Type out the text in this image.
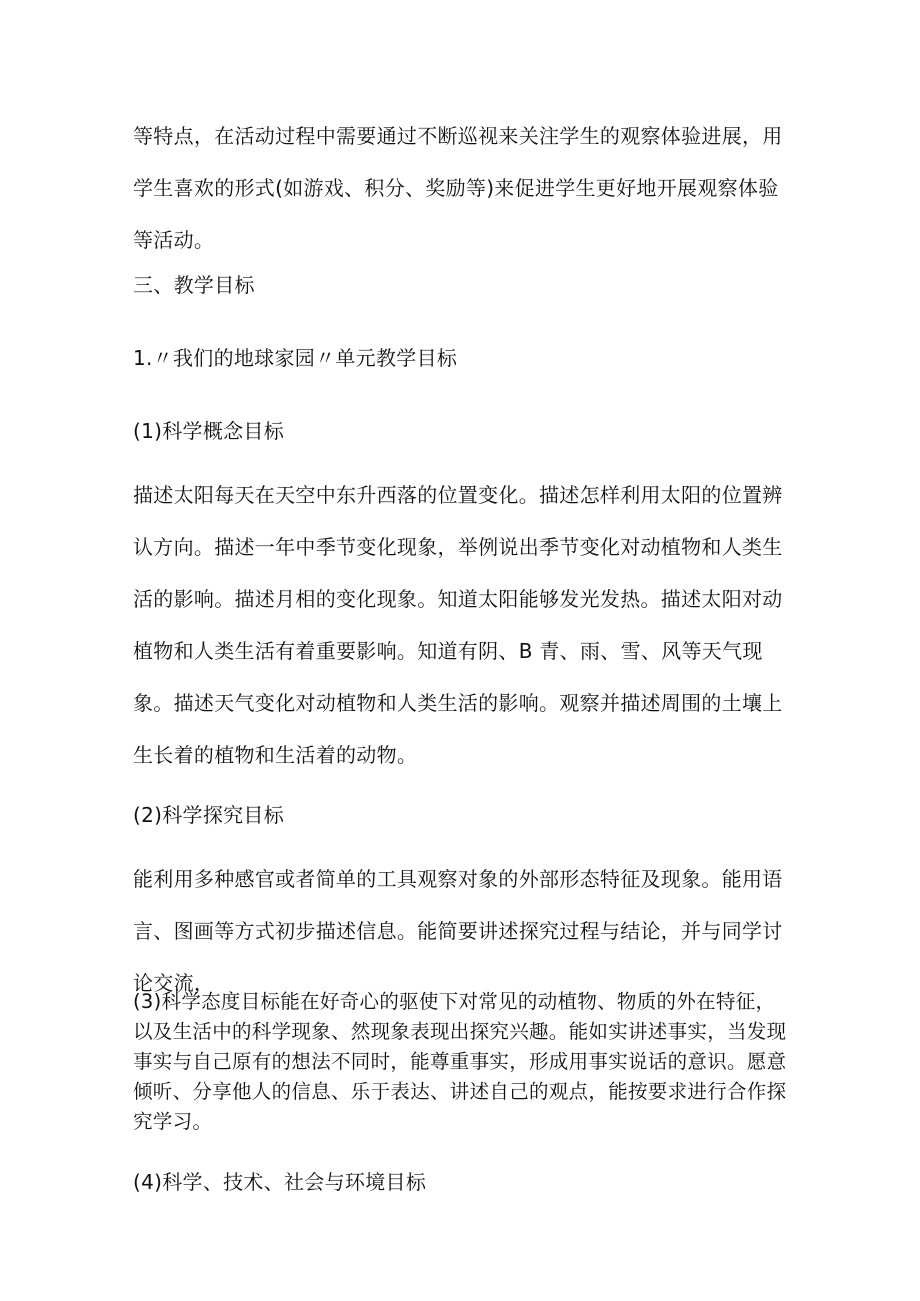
等特点，在活动过程中需要通过不断巡视来关注学生的观察体验进展，用学生喜欢的形式(如游戏、积分、奖励等)来促进学生更好地开展观察体验等活动。

三、教学目标

1.〃我们的地球家园〃单元教学目标

(1)科学概念目标

描述太阳每天在天空中东升西落的位置变化。描述怎样利用太阳的位置辨认方向。描述一年中季节变化现象，举例说出季节变化对动植物和人类生活的影响。描述月相的变化现象。知道太阳能够发光发热。描述太阳对动植物和人类生活有着重要影响。知道有阴、B 青、雨、雪、风等天气现象。描述天气变化对动植物和人类生活的影响。观察并描述周围的土壤上生长着的植物和生活着的动物。

(2)科学探究目标

能利用多种感官或者简单的工具观察对象的外部形态特征及现象。能用语言、图画等方式初步描述信息。能简要讲述探究过程与结论，并与同学讨论交流，

(3)科学态度目标能在好奇心的驱使下对常见的动植物、物质的外在特征，以及生活中的科学现象、然现象表现出探究兴趣。能如实讲述事实，当发现事实与自己原有的想法不同时，能尊重事实，形成用事实说话的意识。愿意倾听、分享他人的信息、乐于表达、讲述自己的观点，能按要求进行合作探究学习。

(4)科学、技术、社会与环境目标
